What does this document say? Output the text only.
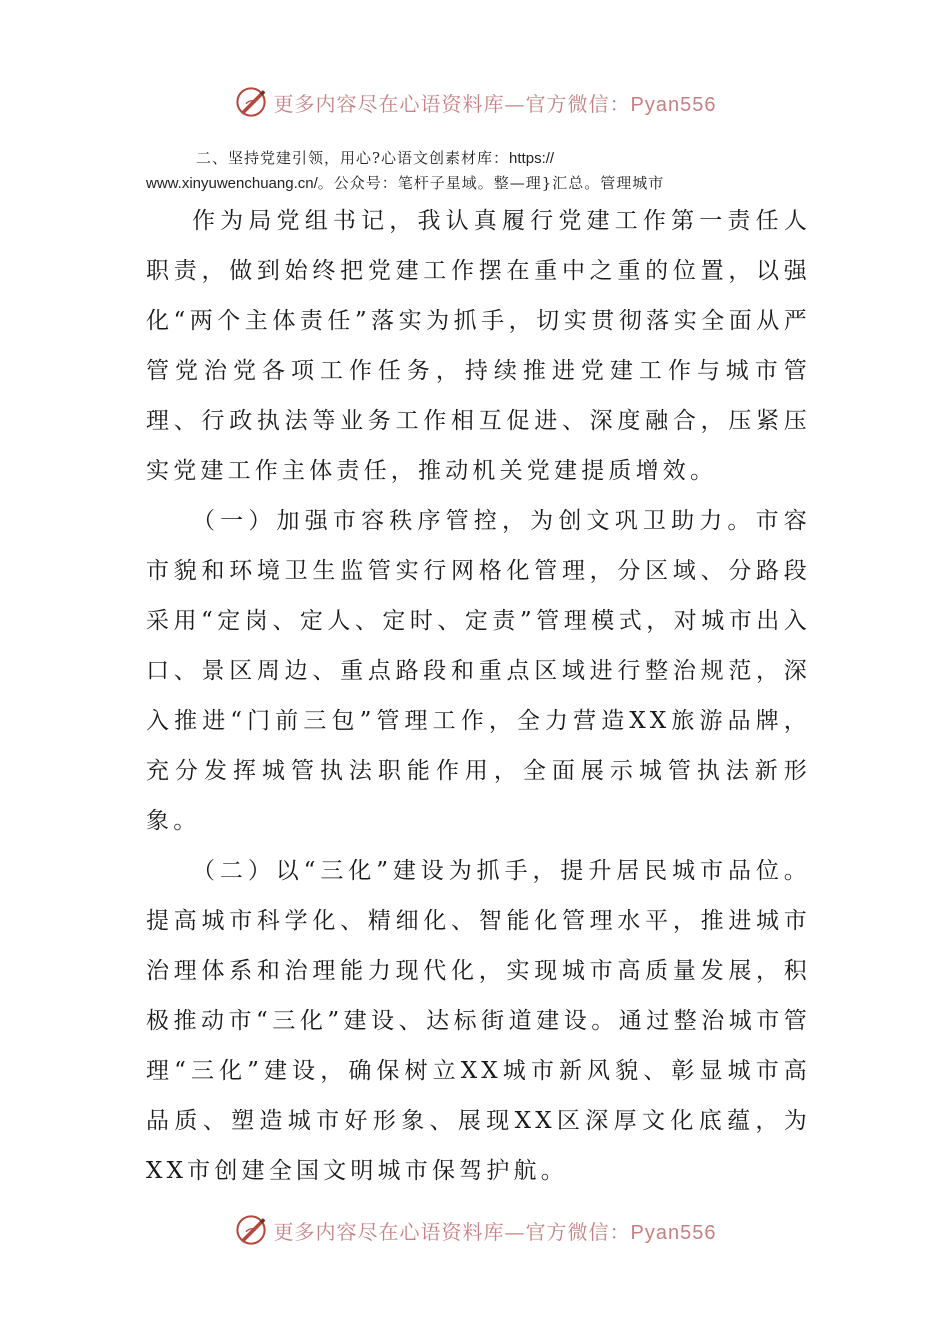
更多内容尽在心语资料库—官方微信：Pyan556
二、坚持党建引领，用心?心语文创素材库：https://
www.xinyuwenchuang.cn/。公众号：笔杆子星域。整—理}汇总。管理城市

作为局党组书记，我认真履行党建工作第一责任人职责，做到始终把党建工作摆在重中之重的位置，以强化“两个主体责任”落实为抓手，切实贯彻落实全面从严管党治党各项工作任务，持续推进党建工作与城市管理、行政执法等业务工作相互促进、深度融合，压紧压实党建工作主体责任，推动机关党建提质增效。

（一）加强市容秩序管控，为创文巩卫助力。市容市貌和环境卫生监管实行网格化管理，分区域、分路段采用“定岗、定人、定时、定责”管理模式，对城市出入口、景区周边、重点路段和重点区域进行整治规范，深入推进“门前三包”管理工作，全力营造XX旅游品牌，充分发挥城管执法职能作用，全面展示城管执法新形象。

（二）以“三化”建设为抓手，提升居民城市品位。提高城市科学化、精细化、智能化管理水平，推进城市治理体系和治理能力现代化，实现城市高质量发展，积极推动市“三化”建设、达标街道建设。通过整治城市管理“三化”建设，确保树立XX城市新风貌、彰显城市高品质、塑造城市好形象、展现XX区深厚文化底蕴，为XX市创建全国文明城市保驾护航。

更多内容尽在心语资料库—官方微信：Pyan556
